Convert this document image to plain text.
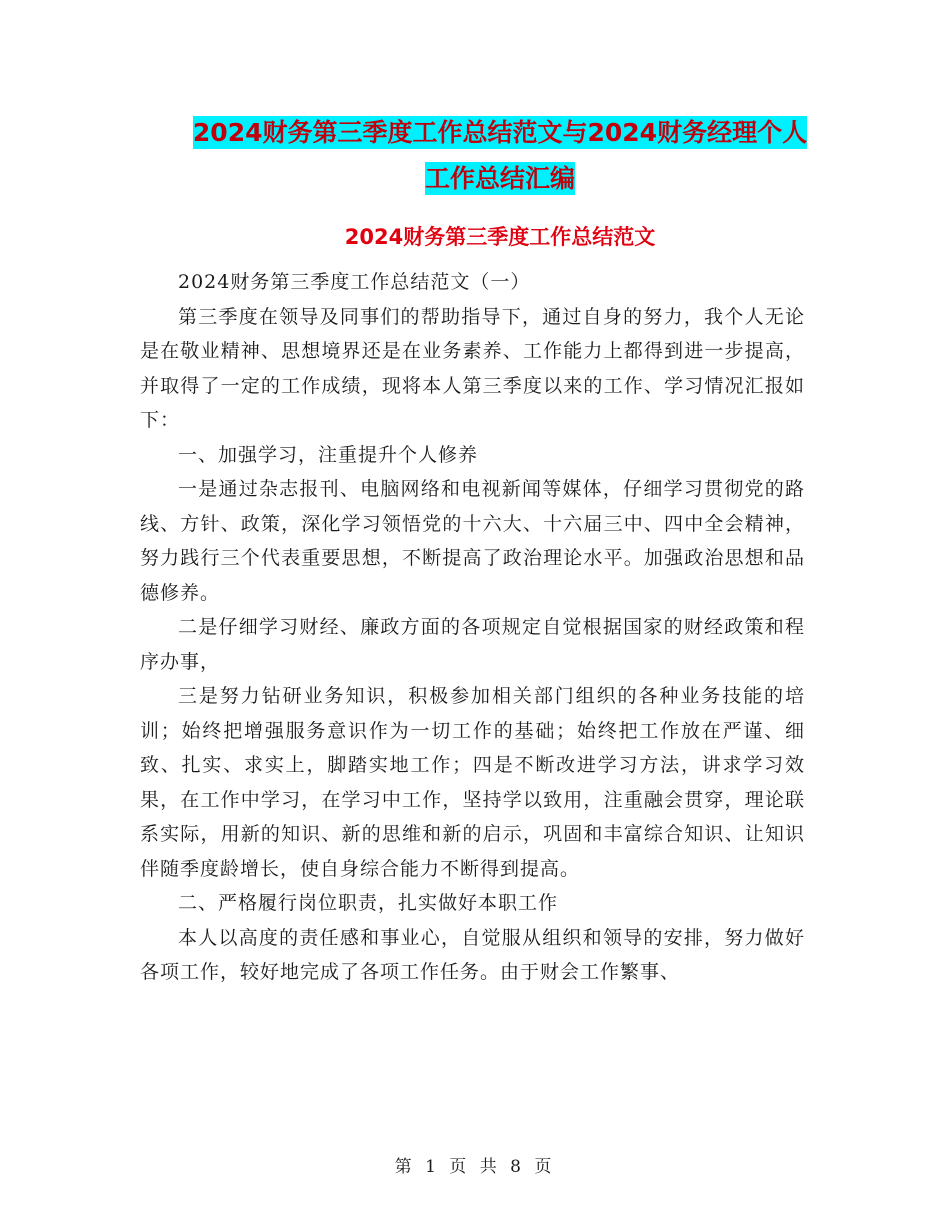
2024财务第三季度工作总结范文与2024财务经理个人
工作总结汇编
2024财务第三季度工作总结范文

2024财务第三季度工作总结范文（一）

第三季度在领导及同事们的帮助指导下，通过自身的努力，我个人无论是在敬业精神、思想境界还是在业务素养、工作能力上都得到进一步提高，并取得了一定的工作成绩，现将本人第三季度以来的工作、学习情况汇报如下：

一、加强学习，注重提升个人修养

一是通过杂志报刊、电脑网络和电视新闻等媒体，仔细学习贯彻党的路线、方针、政策，深化学习领悟党的十六大、十六届三中、四中全会精神，努力践行三个代表重要思想，不断提高了政治理论水平。加强政治思想和品德修养。

二是仔细学习财经、廉政方面的各项规定自觉根据国家的财经政策和程序办事，

三是努力钻研业务知识，积极参加相关部门组织的各种业务技能的培训；始终把增强服务意识作为一切工作的基础；始终把工作放在严谨、细致、扎实、求实上，脚踏实地工作；四是不断改进学习方法，讲求学习效果，在工作中学习，在学习中工作，坚持学以致用，注重融会贯穿，理论联系实际，用新的知识、新的思维和新的启示，巩固和丰富综合知识、让知识伴随季度龄增长，使自身综合能力不断得到提高。

二、严格履行岗位职责，扎实做好本职工作

本人以高度的责任感和事业心，自觉服从组织和领导的安排，努力做好各项工作，较好地完成了各项工作任务。由于财会工作繁事、

第 1 页 共 8 页
